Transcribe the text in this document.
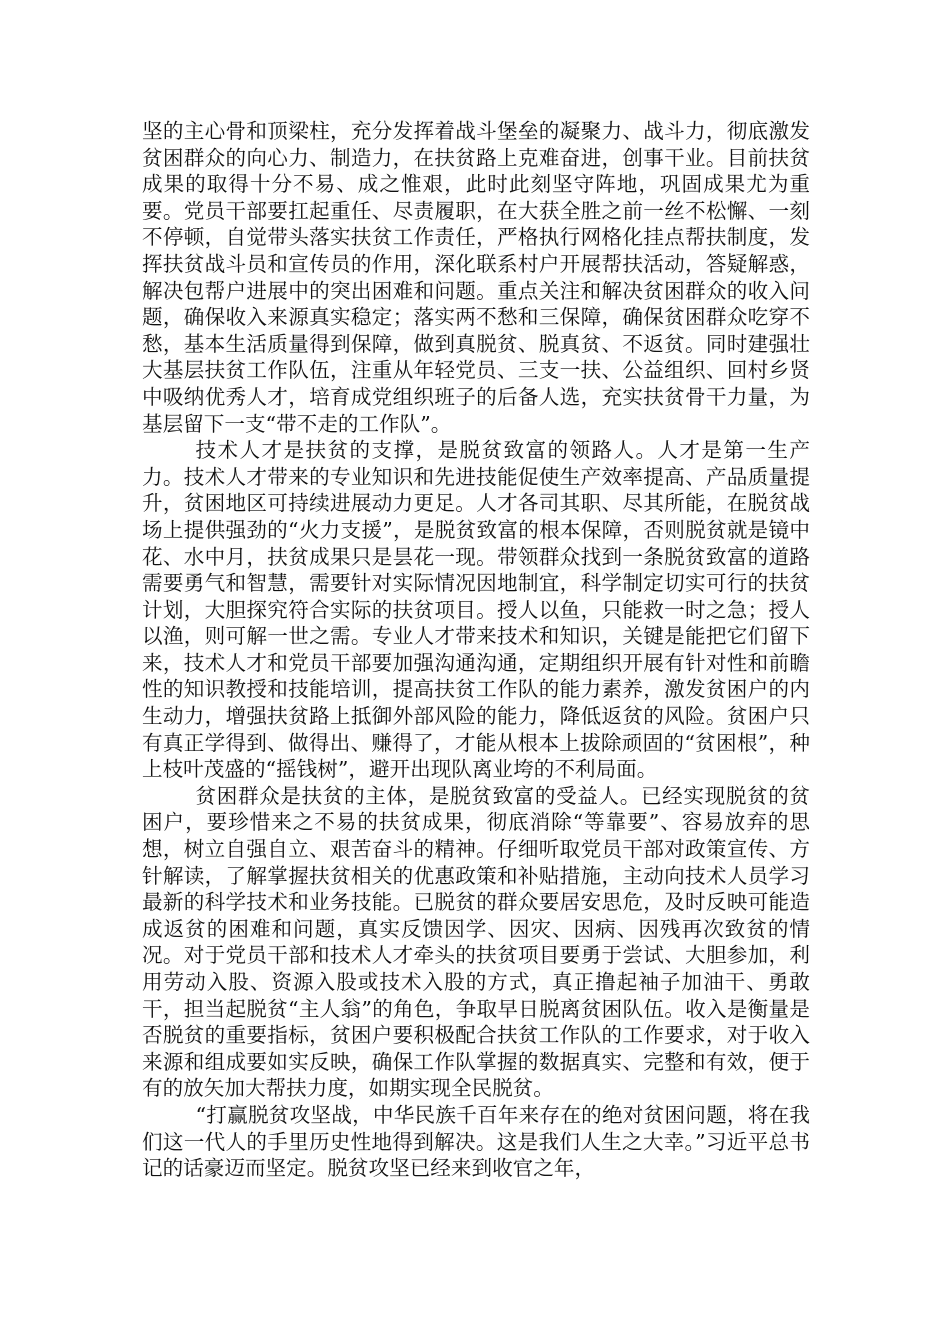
坚的主心骨和顶梁柱，充分发挥着战斗堡垒的凝聚力、战斗力，彻底激发贫困群众的向心力、制造力，在扶贫路上克难奋进，创事干业。目前扶贫成果的取得十分不易、成之惟艰，此时此刻坚守阵地，巩固成果尤为重要。党员干部要扛起重任、尽责履职，在大获全胜之前一丝不松懈、一刻不停顿，自觉带头落实扶贫工作责任，严格执行网格化挂点帮扶制度，发挥扶贫战斗员和宣传员的作用，深化联系村户开展帮扶活动，答疑解惑，解决包帮户进展中的突出困难和问题。重点关注和解决贫困群众的收入问题，确保收入来源真实稳定；落实两不愁和三保障，确保贫困群众吃穿不愁，基本生活质量得到保障，做到真脱贫、脱真贫、不返贫。同时建强壮大基层扶贫工作队伍，注重从年轻党员、三支一扶、公益组织、回村乡贤中吸纳优秀人才，培育成党组织班子的后备人选，充实扶贫骨干力量，为基层留下一支“带不走的工作队”。

技术人才是扶贫的支撑，是脱贫致富的领路人。人才是第一生产力。技术人才带来的专业知识和先进技能促使生产效率提高、产品质量提升，贫困地区可持续进展动力更足。人才各司其职、尽其所能，在脱贫战场上提供强劲的“火力支援”，是脱贫致富的根本保障，否则脱贫就是镜中花、水中月，扶贫成果只是昙花一现。带领群众找到一条脱贫致富的道路需要勇气和智慧，需要针对实际情况因地制宜，科学制定切实可行的扶贫计划，大胆探究符合实际的扶贫项目。授人以鱼，只能救一时之急；授人以渔，则可解一世之需。专业人才带来技术和知识，关键是能把它们留下来，技术人才和党员干部要加强沟通沟通，定期组织开展有针对性和前瞻性的知识教授和技能培训，提高扶贫工作队的能力素养，激发贫困户的内生动力，增强扶贫路上抵御外部风险的能力，降低返贫的风险。贫困户只有真正学得到、做得出、赚得了，才能从根本上拔除顽固的“贫困根”，种上枝叶茂盛的“摇钱树”，避开出现队离业垮的不利局面。

贫困群众是扶贫的主体，是脱贫致富的受益人。已经实现脱贫的贫困户，要珍惜来之不易的扶贫成果，彻底消除“等靠要”、容易放弃的思想，树立自强自立、艰苦奋斗的精神。仔细听取党员干部对政策宣传、方针解读，了解掌握扶贫相关的优惠政策和补贴措施，主动向技术人员学习最新的科学技术和业务技能。已脱贫的群众要居安思危，及时反映可能造成返贫的困难和问题，真实反馈因学、因灾、因病、因残再次致贫的情况。对于党员干部和技术人才牵头的扶贫项目要勇于尝试、大胆参加，利用劳动入股、资源入股或技术入股的方式，真正撸起袖子加油干、勇敢干，担当起脱贫“主人翁”的角色，争取早日脱离贫困队伍。收入是衡量是否脱贫的重要指标，贫困户要积极配合扶贫工作队的工作要求，对于收入来源和组成要如实反映，确保工作队掌握的数据真实、完整和有效，便于有的放矢加大帮扶力度，如期实现全民脱贫。

“打赢脱贫攻坚战，中华民族千百年来存在的绝对贫困问题，将在我们这一代人的手里历史性地得到解决。这是我们人生之大幸。”习近平总书记的话豪迈而坚定。脱贫攻坚已经来到收官之年，
